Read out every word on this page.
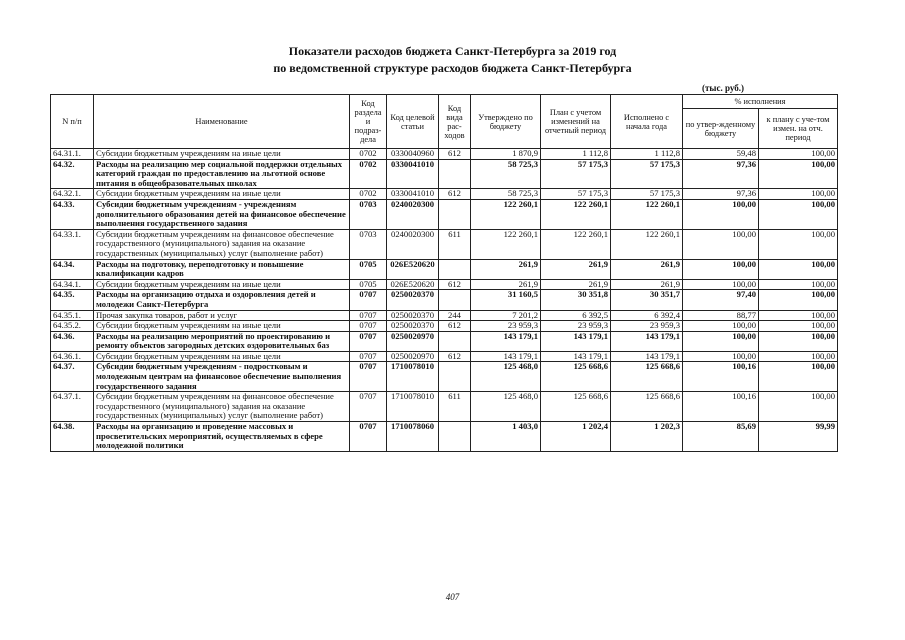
Показатели расходов бюджета Санкт-Петербурга за 2019 год
по ведомственной структуре расходов бюджета Санкт-Петербурга
(тыс. руб.)
N п/п	Наименование	Код раздела и подраз-дела	Код целевой статьи	Код вида рас-ходов	Утверждено по бюджету	План с учетом изменений на отчетный период	Исполнено с начала года	% исполнения	
								по утвер-жденному бюджету	к плану с уче-том измен. на отч. период
64.31.1.	Субсидии бюджетным учреждениям на иные цели	0702	0330040960	612	1 870,9	1 112,8	1 112,8	59,48	100,00
64.32.	Расходы на реализацию мер социальной поддержки отдельных категорий граждан по предоставлению на льготной основе питания в общеобразовательных школах	0702	0330041010		58 725,3	57 175,3	57 175,3	97,36	100,00
64.32.1.	Субсидии бюджетным учреждениям на иные цели	0702	0330041010	612	58 725,3	57 175,3	57 175,3	97,36	100,00
64.33.	Субсидии бюджетным учреждениям - учреждениям дополнительного образования детей на финансовое обеспечение выполнения государственного задания	0703	0240020300		122 260,1	122 260,1	122 260,1	100,00	100,00
64.33.1.	Субсидии бюджетным учреждениям на финансовое обеспечение государственного (муниципального) задания на оказание государственных (муниципальных) услуг (выполнение работ)	0703	0240020300	611	122 260,1	122 260,1	122 260,1	100,00	100,00
64.34.	Расходы на подготовку, переподготовку и повышение квалификации кадров	0705	026Е520620		261,9	261,9	261,9	100,00	100,00
64.34.1.	Субсидии бюджетным учреждениям на иные цели	0705	026Е520620	612	261,9	261,9	261,9	100,00	100,00
64.35.	Расходы на организацию отдыха и оздоровления детей и молодежи Санкт-Петербурга	0707	0250020370		31 160,5	30 351,8	30 351,7	97,40	100,00
64.35.1.	Прочая закупка товаров, работ и услуг	0707	0250020370	244	7 201,2	6 392,5	6 392,4	88,77	100,00
64.35.2.	Субсидии бюджетным учреждениям на иные цели	0707	0250020370	612	23 959,3	23 959,3	23 959,3	100,00	100,00
64.36.	Расходы на реализацию мероприятий по проектированию и ремонту объектов загородных детских оздоровительных баз	0707	0250020970		143 179,1	143 179,1	143 179,1	100,00	100,00
64.36.1.	Субсидии бюджетным учреждениям на иные цели	0707	0250020970	612	143 179,1	143 179,1	143 179,1	100,00	100,00
64.37.	Субсидии бюджетным учреждениям - подростковым и молодежным центрам на финансовое обеспечение выполнения государственного задания	0707	1710078010		125 468,0	125 668,6	125 668,6	100,16	100,00
64.37.1.	Субсидии бюджетным учреждениям на финансовое обеспечение государственного (муниципального) задания на оказание государственных (муниципальных) услуг (выполнение работ)	0707	1710078010	611	125 468,0	125 668,6	125 668,6	100,16	100,00
64.38.	Расходы на организацию и проведение массовых и просветительских мероприятий, осуществляемых в сфере молодежной политики	0707	1710078060		1 403,0	1 202,4	1 202,3	85,69	99,99
407
